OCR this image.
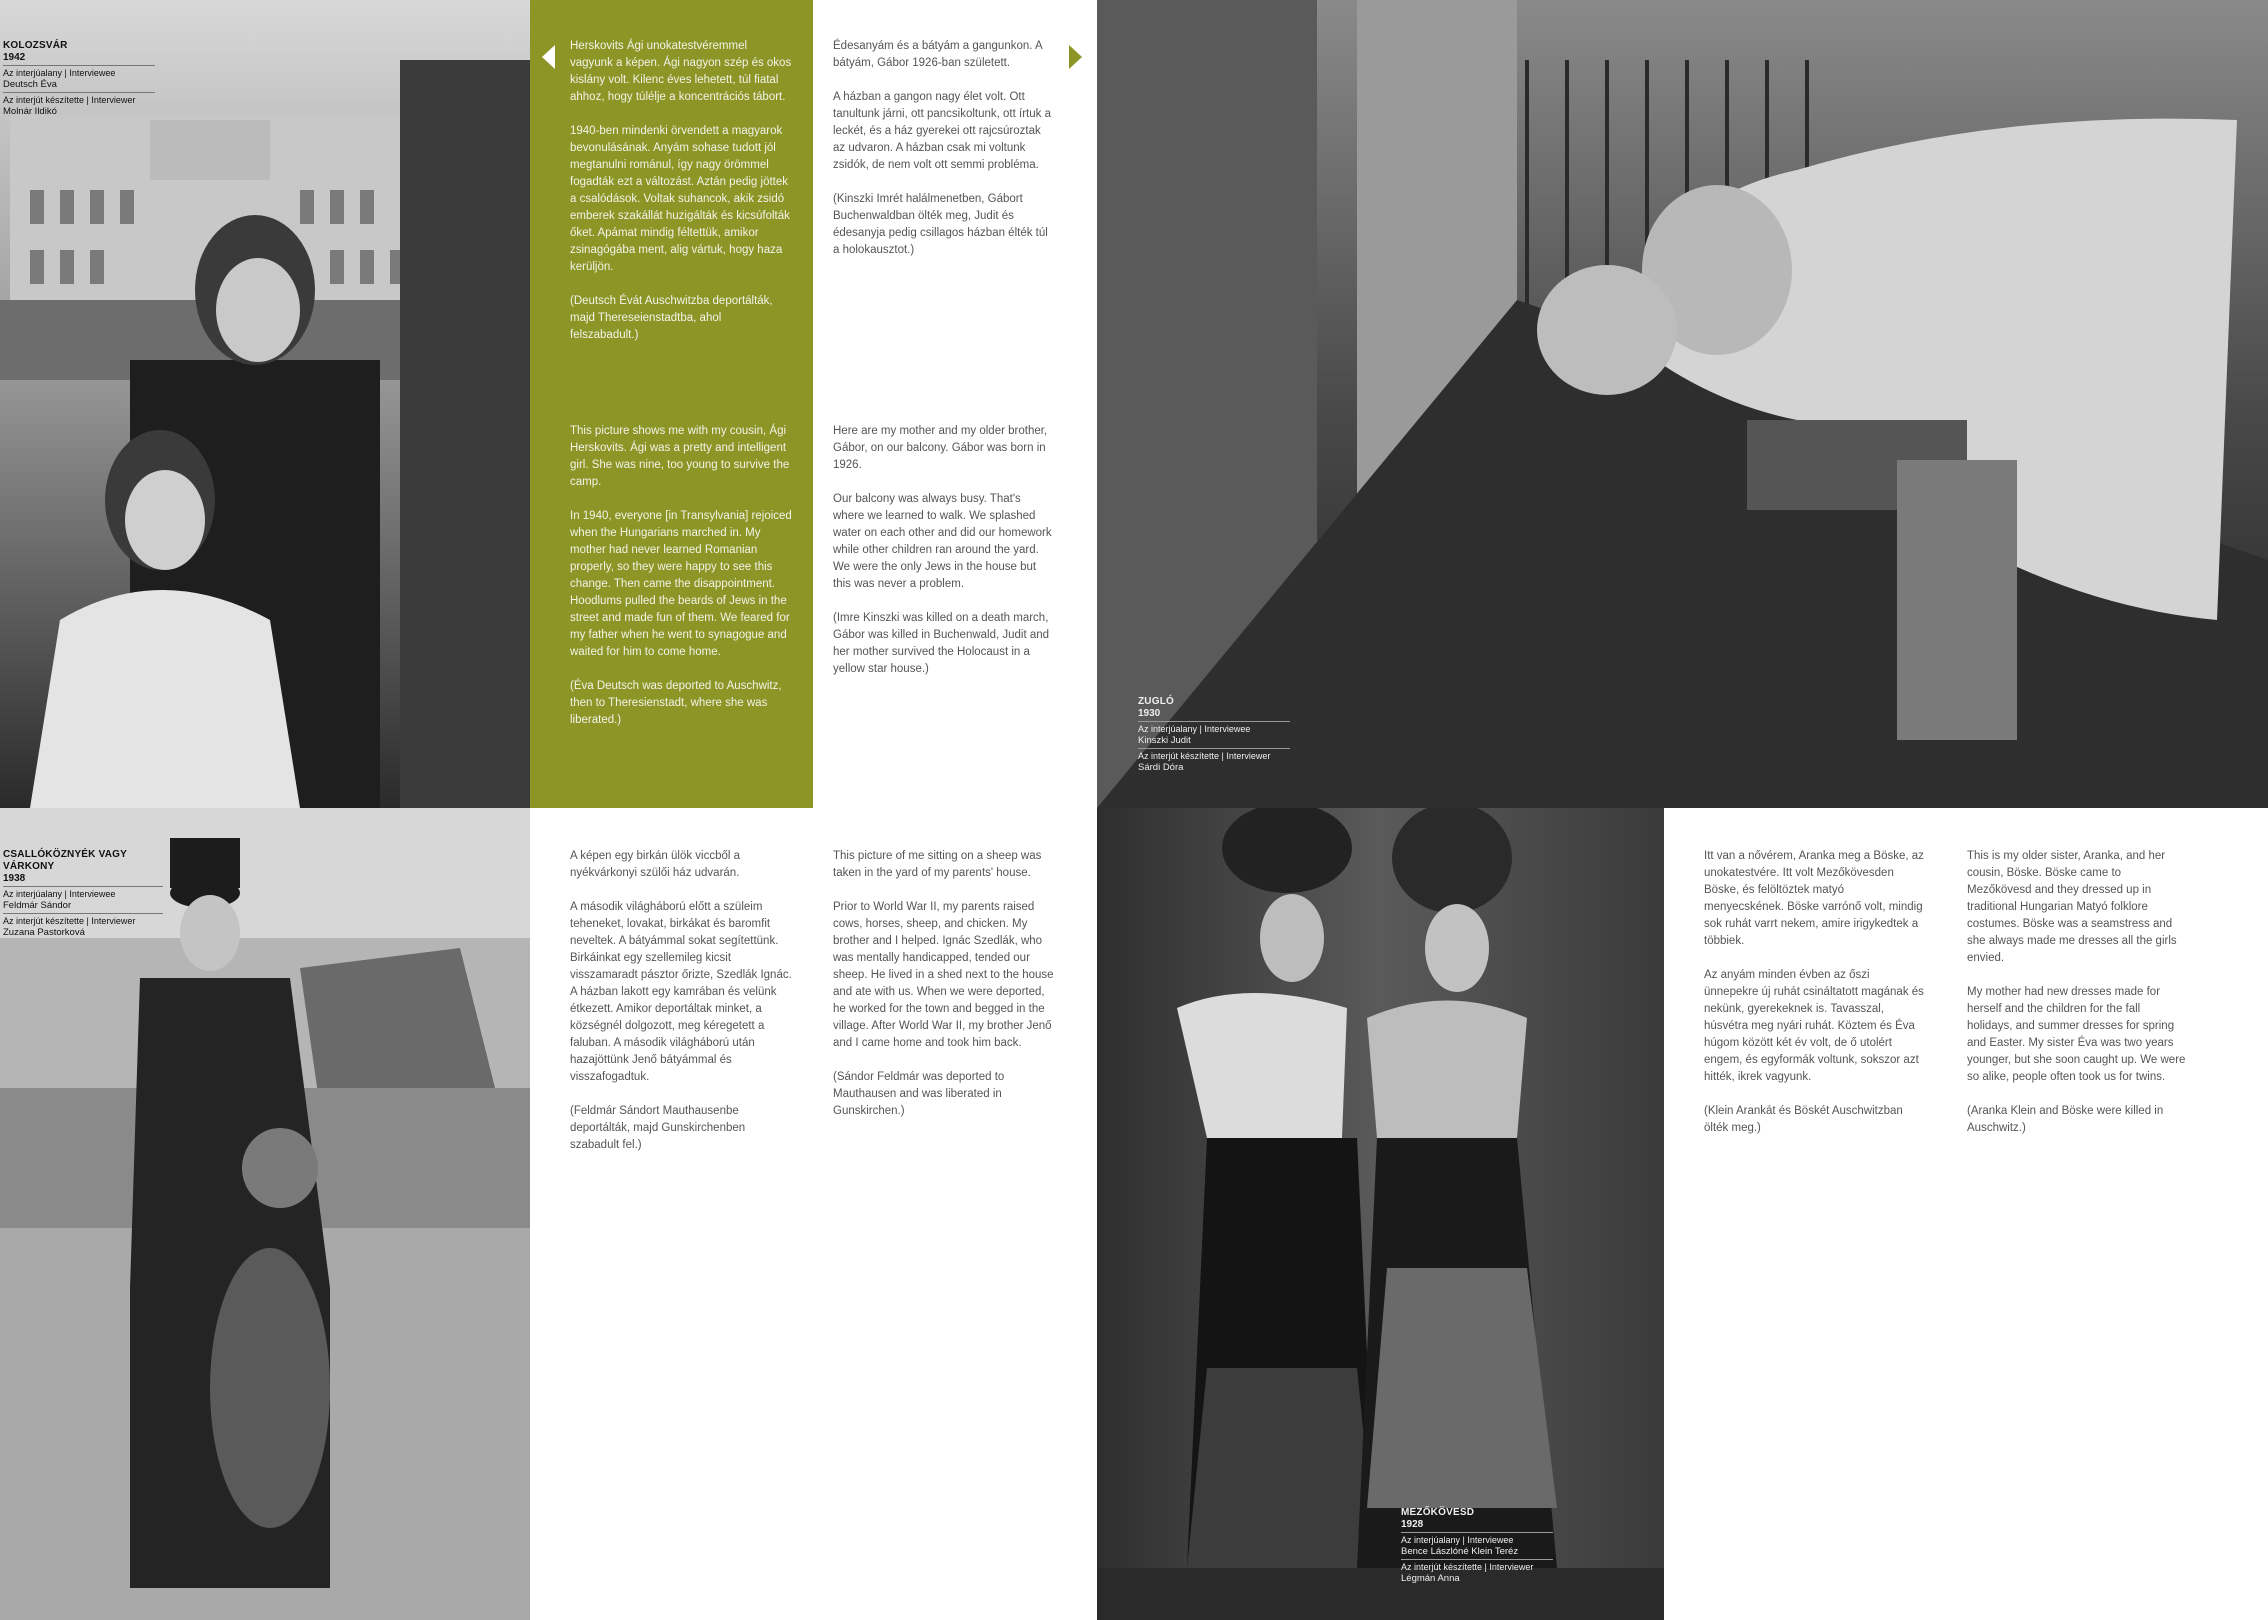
KOLOZSVÁR
1942
Az interjúalany | Interviewee
Deutsch Éva
Az interjút készítette | Interviewer
Molnár Ildikó
ZUGLÓ
1930
Az interjúalany | Interviewee
Kinszki Judit
Az interjút készítette | Interviewer
Sárdi Dóra
CSALLÓKÖZNYÉK VAGY VÁRKONY
1938
Az interjúalany | Interviewee
Feldmár Sándor
Az interjút készítette | Interviewer
Zuzana Pastorková
MEZŐKÖVESD
1928
Az interjúalany | Interviewee
Bence Lászlóné Klein Teréz
Az interjút készítette | Interviewer
Légmán Anna

Herskovits Ági unokatestvéremmel vagyunk a képen. Ági nagyon szép és okos kislány volt. Kilenc éves lehetett, túl fiatal ahhoz, hogy túlélje a koncentrációs tábort.

1940-ben mindenki örvendett a magyarok bevonulásának. Anyám sohase tudott jól megtanulni románul, így nagy örömmel fogadták ezt a változást. Aztán pedig jöttek a csalódások. Voltak suhancok, akik zsidó emberek szakállát huzigálták és kicsúfolták őket. Apámat mindig féltettük, amikor zsinagógába ment, alig vártuk, hogy haza kerüljön.

(Deutsch Évát Auschwitzba deportálták, majd Thereseienstadtba, ahol felszabadult.)

This picture shows me with my cousin, Ági Herskovits. Ági was a pretty and intelligent girl. She was nine, too young to survive the camp.

In 1940, everyone [in Transylvania] rejoiced when the Hungarians marched in. My mother had never learned Romanian properly, so they were happy to see this change. Then came the disappointment. Hoodlums pulled the beards of Jews in the street and made fun of them. We feared for my father when he went to synagogue and waited for him to come home.

(Éva Deutsch was deported to Auschwitz, then to Theresienstadt, where she was liberated.)

Édesanyám és a bátyám a gangunkon. A bátyám, Gábor 1926-ban született.

A házban a gangon nagy élet volt. Ott tanultunk járni, ott pancsikoltunk, ott írtuk a leckét, és a ház gyerekei ott rajcsúroztak az udvaron. A házban csak mi voltunk zsidók, de nem volt ott semmi probléma.

(Kinszki Imrét halálmenetben, Gábort Buchenwaldban ölték meg, Judit és édesanyja pedig csillagos házban élték túl a holokausztot.)

Here are my mother and my older brother, Gábor, on our balcony. Gábor was born in 1926.

Our balcony was always busy. That's where we learned to walk. We splashed water on each other and did our homework while other children ran around the yard. We were the only Jews in the house but this was never a problem.

(Imre Kinszki was killed on a death march, Gábor was killed in Buchenwald, Judit and her mother survived the Holocaust in a yellow star house.)

A képen egy birkán ülök viccből a nyékvárkonyi szülői ház udvarán.

A második világháború előtt a szüleim teheneket, lovakat, birkákat és baromfit neveltek. A bátyámmal sokat segítettünk. Birkáinkat egy szellemileg kicsit visszamaradt pásztor őrizte, Szedlák Ignác. A házban lakott egy kamrában és velünk étkezett. Amikor deportáltak minket, a községnél dolgozott, meg kéregetett a faluban. A második világháború után hazajöttünk Jenő bátyámmal és visszafogadtuk.

(Feldmár Sándort Mauthausenbe deportálták, majd Gunskirchenben szabadult fel.)

This picture of me sitting on a sheep was taken in the yard of my parents' house.

Prior to World War II, my parents raised cows, horses, sheep, and chicken. My brother and I helped. Ignác Szedlák, who was mentally handicapped, tended our sheep. He lived in a shed next to the house and ate with us. When we were deported, he worked for the town and begged in the village. After World War II, my brother Jenő and I came home and took him back.

(Sándor Feldmár was deported to Mauthausen and was liberated in Gunskirchen.)

Itt van a nővérem, Aranka meg a Böske, az unokatestvére. Itt volt Mezőkövesden Böske, és felöltöztek matyó menyecskének. Böske varrónő volt, mindig sok ruhát varrt nekem, amire irigykedtek a többiek.

Az anyám minden évben az őszi ünnepekre új ruhát csináltatott magának és nekünk, gyerekeknek is. Tavasszal, húsvétra meg nyári ruhát. Köztem és Éva húgom között két év volt, de ő utolért engem, és egyformák voltunk, sokszor azt hitték, ikrek vagyunk.

(Klein Arankát és Böskét Auschwitzban ölték meg.)

This is my older sister, Aranka, and her cousin, Böske. Böske came to Mezőkövesd and they dressed up in traditional Hungarian Matyó folklore costumes. Böske was a seamstress and she always made me dresses all the girls envied.

My mother had new dresses made for herself and the children for the fall holidays, and summer dresses for spring and Easter. My sister Éva was two years younger, but she soon caught up. We were so alike, people often took us for twins.

(Aranka Klein and Böske were killed in Auschwitz.)
